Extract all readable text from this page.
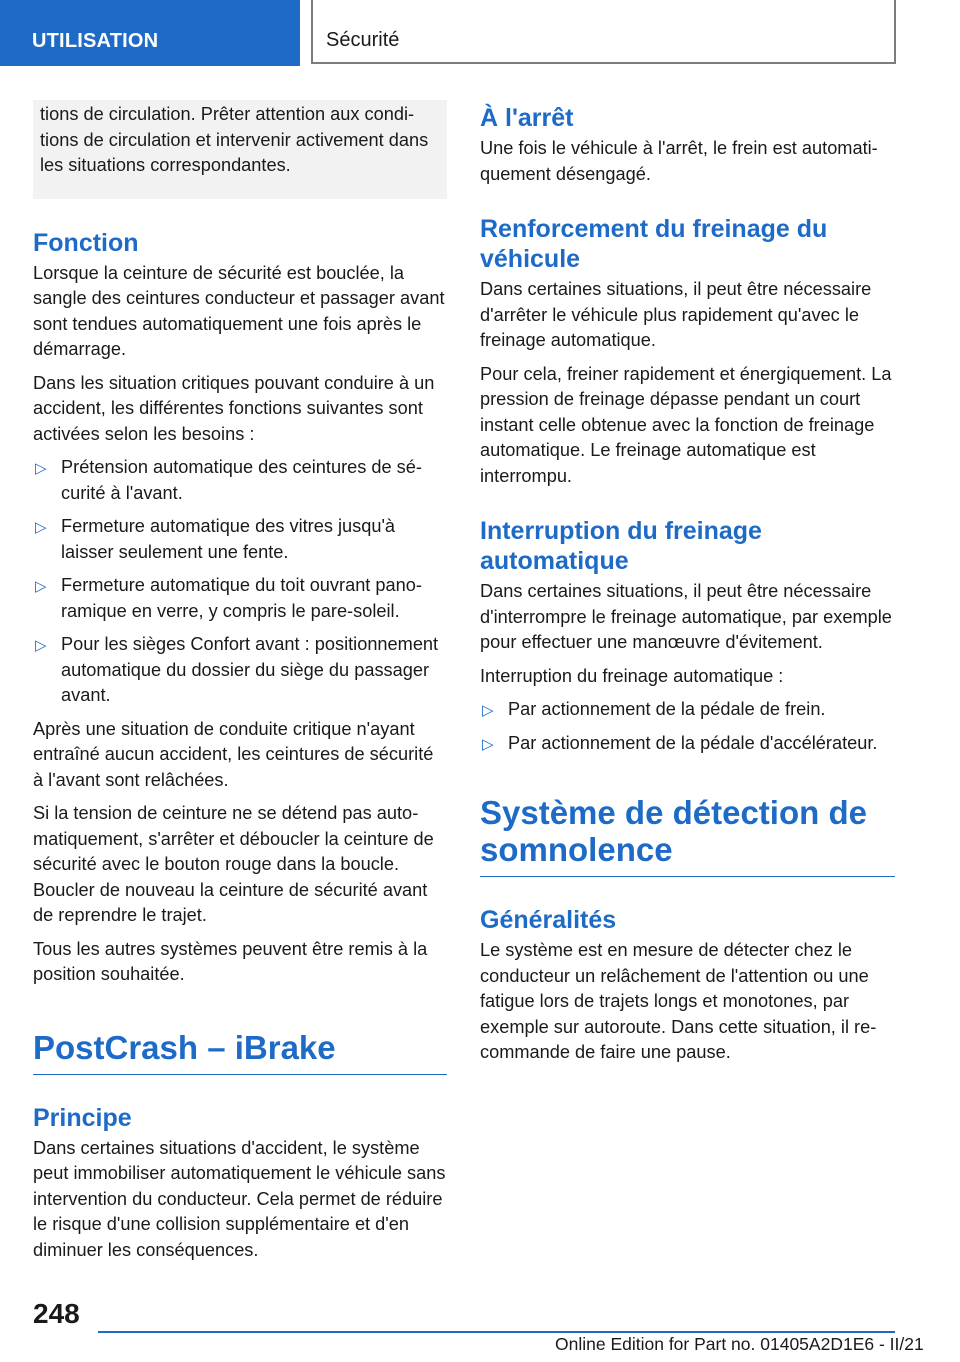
UTILISATION	Sécurité
tions de circulation. Prêter attention aux conditions de circulation et intervenir activement dans les situations correspondantes.
Fonction

Lorsque la ceinture de sécurité est bouclée, la sangle des ceintures conducteur et passager avant sont tendues automatiquement une fois après le démarrage.

Dans les situation critiques pouvant conduire à un accident, les différentes fonctions suivantes sont activées selon les besoins :

▷ Prétension automatique des ceintures de sécurité à l'avant.
▷ Fermeture automatique des vitres jusqu'à laisser seulement une fente.
▷ Fermeture automatique du toit ouvrant panoramique en verre, y compris le pare-soleil.
▷ Pour les sièges Confort avant : positionnement automatique du dossier du siège du passager avant.

Après une situation de conduite critique n'ayant entraîné aucun accident, les ceintures de sécurité à l'avant sont relâchées.

Si la tension de ceinture ne se détend pas automatiquement, s'arrêter et déboucler la ceinture de sécurité avec le bouton rouge dans la boucle. Boucler de nouveau la ceinture de sécurité avant de reprendre le trajet.

Tous les autres systèmes peuvent être remis à la position souhaitée.

PostCrash – iBrake
Principe

Dans certaines situations d'accident, le système peut immobiliser automatiquement le véhicule sans intervention du conducteur. Cela permet de réduire le risque d'une collision supplémentaire et d'en diminuer les conséquences.

À l'arrêt

Une fois le véhicule à l'arrêt, le frein est automatiquement désengagé.

Renforcement du freinage du véhicule

Dans certaines situations, il peut être nécessaire d'arrêter le véhicule plus rapidement qu'avec le freinage automatique.

Pour cela, freiner rapidement et énergiquement. La pression de freinage dépasse pendant un court instant celle obtenue avec la fonction de freinage automatique. Le freinage automatique est interrompu.

Interruption du freinage automatique

Dans certaines situations, il peut être nécessaire d'interrompre le freinage automatique, par exemple pour effectuer une manœuvre d'évitement.

Interruption du freinage automatique :

▷ Par actionnement de la pédale de frein.
▷ Par actionnement de la pédale d'accélérateur.
Système de détection de somnolence
Généralités

Le système est en mesure de détecter chez le conducteur un relâchement de l'attention ou une fatigue lors de trajets longs et monotones, par exemple sur autoroute. Dans cette situation, il recommande de faire une pause.

248
Online Edition for Part no. 01405A2D1E6 - II/21
